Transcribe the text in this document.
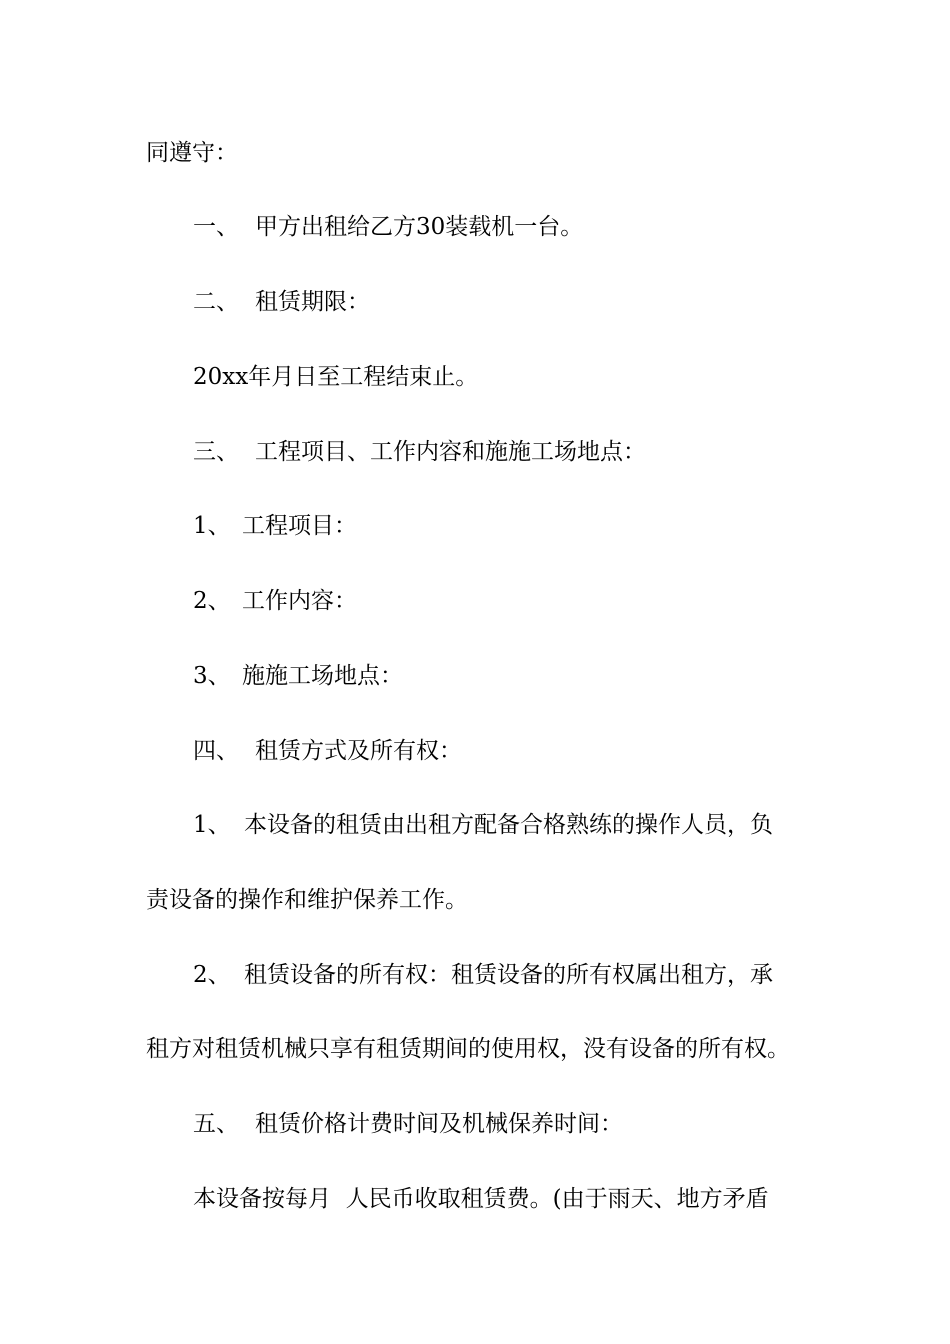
同遵守：

一、 甲方出租给乙方30装载机一台。

二、 租赁期限：

20xx年月日至工程结束止。

三、 工程项目、工作内容和施施工场地点：

1、 工程项目：

2、 工作内容：

3、 施施工场地点：

四、 租赁方式及所有权：

1、 本设备的租赁由出租方配备合格熟练的操作人员，负

责设备的操作和维护保养工作。

2、 租赁设备的所有权：租赁设备的所有权属出租方，承

租方对租赁机械只享有租赁期间的使用权，没有设备的所有权。

五、 租赁价格计费时间及机械保养时间：

本设备按每月  人民币收取租赁费。(由于雨天、地方矛盾
